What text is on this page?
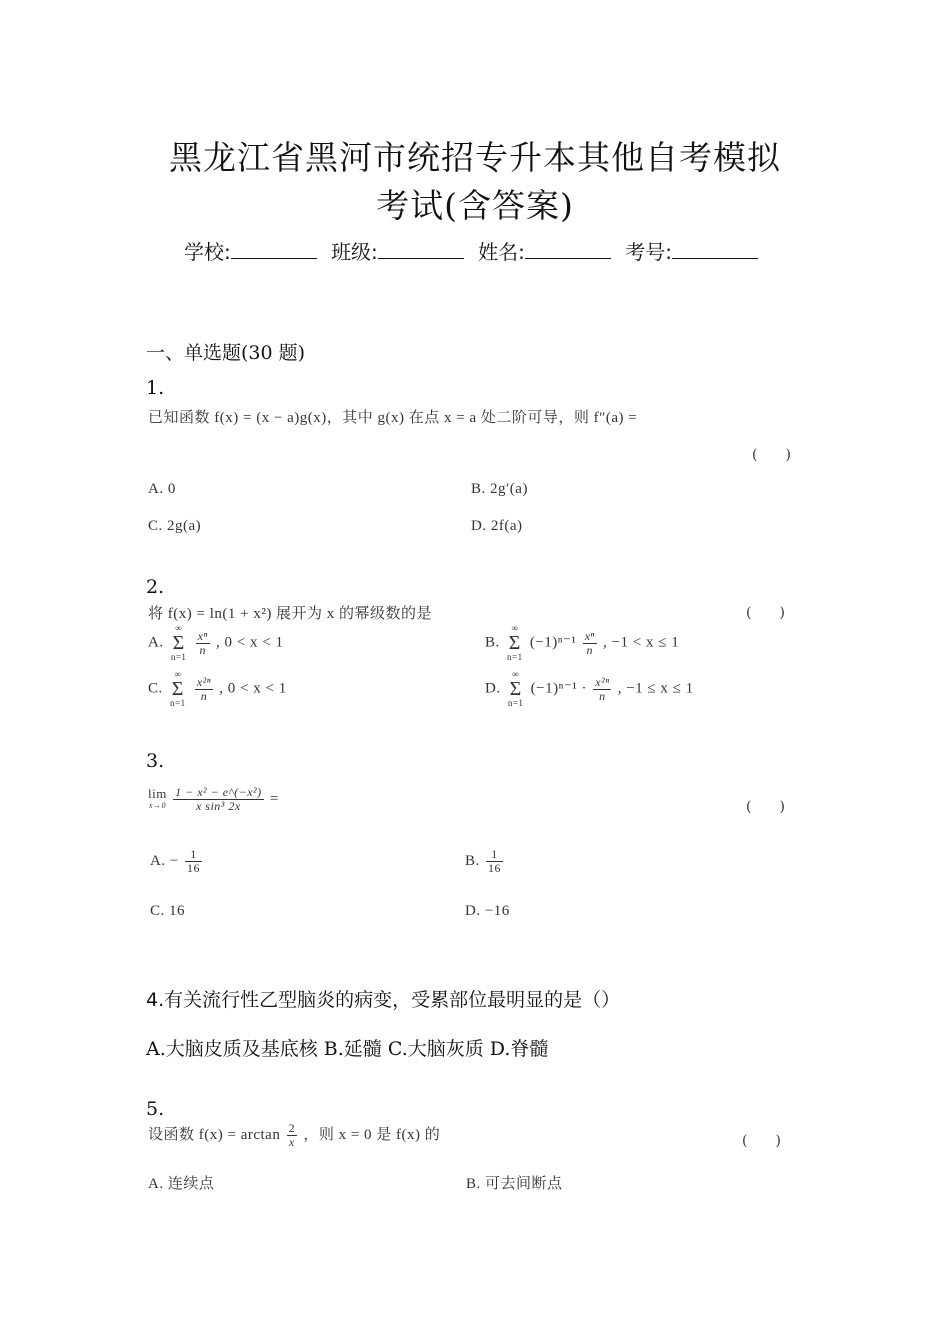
黑龙江省黑河市统招专升本其他自考模拟
考试(含答案)
学校:	班级:	姓名:	考号:
一、单选题(30 题)
1.
已知函数 f(x) = (x − a)g(x)，其中 g(x) 在点 x = a 处二阶可导，则 f″(a) =
(　　)
A. 0	B. 2g′(a)
C. 2g(a)	D. 2f(a)
2.
将 f(x) = ln(1 + x²) 展开为 x 的幂级数的是	(　　)
A. ∞
Σ
n=1
$\frac{\text{xⁿ}}{n}$ , 0 < x < 1	B. ∞
Σ
n=1 $(-1)^{n-1} \frac{\text{xⁿ}}{n}$ , −1 < x ≤ 1
C. ∞
Σ
n=1
$\frac{\text{x²ⁿ}}{n}$ , 0 < x < 1	D. ∞
Σ
n=1 $(-1)^{n-1} \cdot \frac{\text{x²ⁿ}}{n}$ , −1 ≤ x ≤ 1
3.
lim
x→0
$\frac{\text{1 − x² − e\textasciicircum{}(−x²)}}{\text{x sin³ 2x}}$ =
(　　)
A. − $\frac{1}{16}$	B. $\frac{1}{16}$
C. 16	D. −16
4.有关流行性乙型脑炎的病变，受累部位最明显的是（）
A.大脑皮质及基底核 B.延髓 C.大脑灰质 D.脊髓
5.
设函数 $f(x) = \arctan \frac{2}{x}$ ，则 x = 0 是 f(x) 的	(　　)
A. 连续点	B. 可去间断点
